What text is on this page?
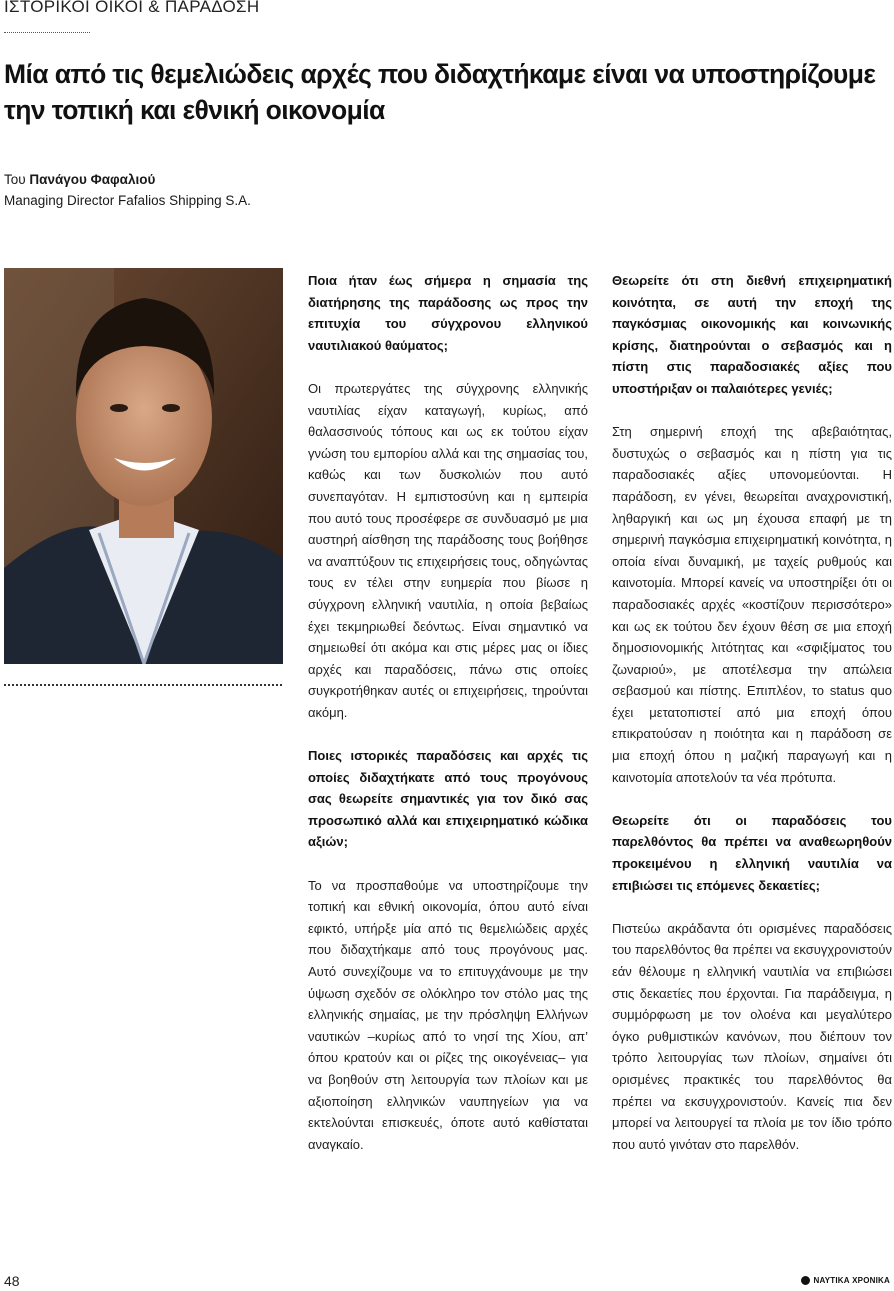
ΙΣΤΟΡΙΚΟΙ ΟΙΚΟΙ & ΠΑΡΑΔΟΣΗ
Μία από τις θεμελιώδεις αρχές που διδαχτήκαμε είναι να υποστηρίζουμε την τοπική και εθνική οικονομία
Του Πανάγου Φαφαλιού
Managing Director Fafalios Shipping S.A.

Ποια ήταν έως σήμερα η σημασία της διατήρησης της παράδοσης ως προς την επιτυχία του σύγχρονου ελληνικού ναυτιλιακού θαύματος;

Οι πρωτεργάτες της σύγχρονης ελληνικής ναυτιλίας είχαν καταγωγή, κυρίως, από θαλασσινούς τόπους και ως εκ τούτου είχαν γνώση του εμπορίου αλλά και της σημασίας του, καθώς και των δυσκολιών που αυτό συνεπαγόταν. Η εμπιστοσύνη και η εμπειρία που αυτό τους προσέφερε σε συνδυασμό με μια αυστηρή αίσθηση της παράδοσης τους βοήθησε να αναπτύξουν τις επιχειρήσεις τους, οδηγώντας τους εν τέλει στην ευημερία που βίωσε η σύγχρονη ελληνική ναυτιλία, η οποία βεβαίως έχει τεκμηριωθεί δεόντως. Είναι σημαντικό να σημειωθεί ότι ακόμα και στις μέρες μας οι ίδιες αρχές και παραδόσεις, πάνω στις οποίες συγκροτήθηκαν αυτές οι επιχειρήσεις, τηρούνται ακόμη.

Ποιες ιστορικές παραδόσεις και αρχές τις οποίες διδαχτήκατε από τους προγόνους σας θεωρείτε σημαντικές για τον δικό σας προσωπικό αλλά και επιχειρηματικό κώδικα αξιών;

Το να προσπαθούμε να υποστηρίζουμε την τοπική και εθνική οικονομία, όπου αυτό είναι εφικτό, υπήρξε μία από τις θεμελιώδεις αρχές που διδαχτήκαμε από τους προγόνους μας. Αυτό συνεχίζουμε να το επιτυγχάνουμε με την ύψωση σχεδόν σε ολόκληρο τον στόλο μας της ελληνικής σημαίας, με την πρόσληψη Ελλήνων ναυτικών –κυρίως από το νησί της Χίου, απ’ όπου κρατούν και οι ρίζες της οικογένειας– για να βοηθούν στη λειτουργία των πλοίων και με αξιοποίηση ελληνικών ναυπηγείων για να εκτελούνται επισκευές, όποτε αυτό καθίσταται αναγκαίο.

Θεωρείτε ότι στη διεθνή επιχειρηματική κοινότητα, σε αυτή την εποχή της παγκόσμιας οικονομικής και κοινωνικής κρίσης, διατηρούνται ο σεβασμός και η πίστη στις παραδοσιακές αξίες που υποστήριξαν οι παλαιότερες γενιές;

Στη σημερινή εποχή της αβεβαιότητας, δυστυχώς ο σεβασμός και η πίστη για τις παραδοσιακές αξίες υπονομεύονται. Η παράδοση, εν γένει, θεωρείται αναχρονιστική, ληθαργική και ως μη έχουσα επαφή με τη σημερινή παγκόσμια επιχειρηματική κοινότητα, η οποία είναι δυναμική, με ταχείς ρυθμούς και καινοτομία. Μπορεί κανείς να υποστηρίξει ότι οι παραδοσιακές αρχές «κοστίζουν περισσότερο» και ως εκ τούτου δεν έχουν θέση σε μια εποχή δημοσιονομικής λιτότητας και «σφιξίματος του ζωναριού», με αποτέλεσμα την απώλεια σεβασμού και πίστης. Επιπλέον, το status quo έχει μετατοπιστεί από μια εποχή όπου επικρατούσαν η ποιότητα και η παράδοση σε μια εποχή όπου η μαζική παραγωγή και η καινοτομία αποτελούν τα νέα πρότυπα.

Θεωρείτε ότι οι παραδόσεις του παρελθόντος θα πρέπει να αναθεωρηθούν προκειμένου η ελληνική ναυτιλία να επιβιώσει τις επόμενες δεκαετίες;

Πιστεύω ακράδαντα ότι ορισμένες παραδόσεις του παρελθόντος θα πρέπει να εκσυγχρονιστούν εάν θέλουμε η ελληνική ναυτιλία να επιβιώσει στις δεκαετίες που έρχονται. Για παράδειγμα, η συμμόρφωση με τον ολοένα και μεγαλύτερο όγκο ρυθμιστικών κανόνων, που διέπουν τον τρόπο λειτουργίας των πλοίων, σημαίνει ότι ορισμένες πρακτικές του παρελθόντος θα πρέπει να εκσυγχρονιστούν. Κανείς πια δεν μπορεί να λειτουργεί τα πλοία με τον ίδιο τρόπο που αυτό γινόταν στο παρελθόν.

48	ΝΑΥΤΙΚΑ ΧΡΟΝΙΚΑ
